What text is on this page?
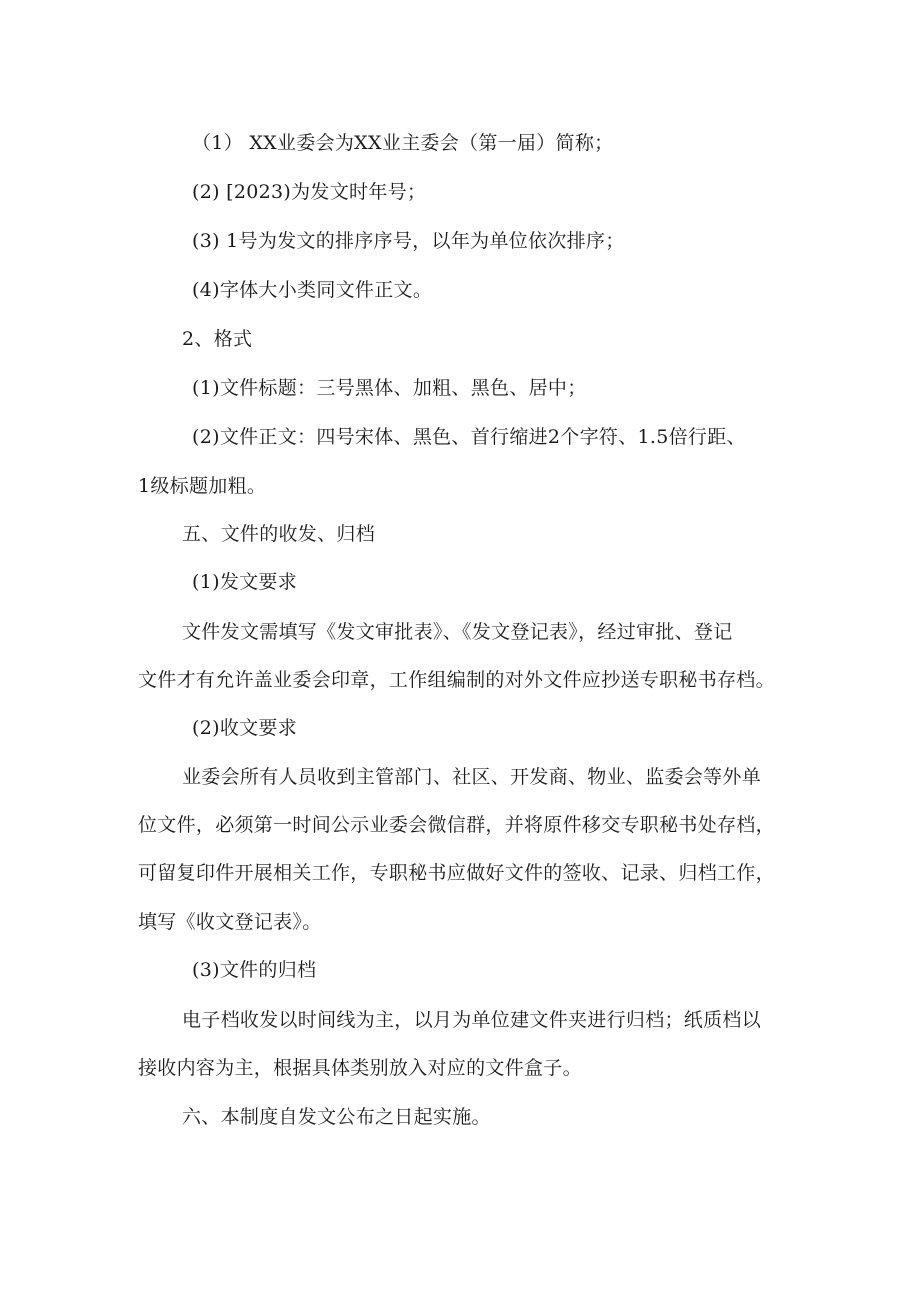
（1） XX业委会为XX业主委会（第一届）简称；
(2) [2023)为发文时年号；
(3) 1号为发文的排序序号，以年为单位依次排序；
(4)字体大小类同文件正文。
2、格式
(1)文件标题：三号黑体、加粗、黑色、居中；
(2)文件正文：四号宋体、黑色、首行缩进2个字符、1.5倍行距、
1级标题加粗。
五、文件的收发、归档
(1)发文要求
文件发文需填写《发文审批表》、《发文登记表》，经过审批、登记
文件才有允许盖业委会印章，工作组编制的对外文件应抄送专职秘书存档。
(2)收文要求
业委会所有人员收到主管部门、社区、开发商、物业、监委会等外单
位文件，必须第一时间公示业委会微信群，并将原件移交专职秘书处存档，
可留复印件开展相关工作，专职秘书应做好文件的签收、记录、归档工作，
填写《收文登记表》。
(3)文件的归档
电子档收发以时间线为主，以月为单位建文件夹进行归档；纸质档以
接收内容为主，根据具体类别放入对应的文件盒子。
六、本制度自发文公布之日起实施。
